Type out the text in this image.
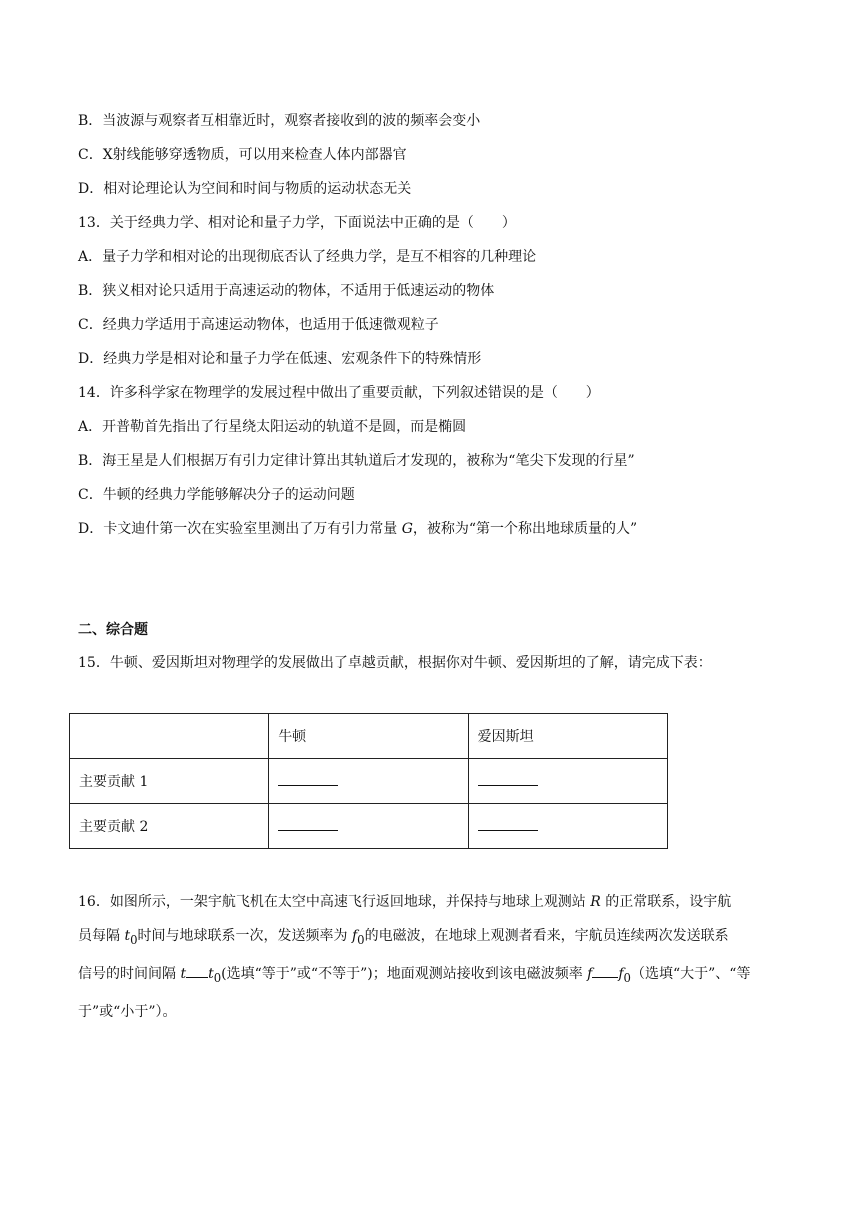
B．当波源与观察者互相靠近时，观察者接收到的波的频率会变小
C．X射线能够穿透物质，可以用来检查人体内部器官
D．相对论理论认为空间和时间与物质的运动状态无关
13．关于经典力学、相对论和量子力学，下面说法中正确的是（　　）
A．量子力学和相对论的出现彻底否认了经典力学，是互不相容的几种理论
B．狭义相对论只适用于高速运动的物体，不适用于低速运动的物体
C．经典力学适用于高速运动物体，也适用于低速微观粒子
D．经典力学是相对论和量子力学在低速、宏观条件下的特殊情形
14．许多科学家在物理学的发展过程中做出了重要贡献，下列叙述错误的是（　　）
A．开普勒首先指出了行星绕太阳运动的轨道不是圆，而是椭圆
B．海王星是人们根据万有引力定律计算出其轨道后才发现的，被称为“笔尖下发现的行星”
C．牛顿的经典力学能够解决分子的运动问题
D．卡文迪什第一次在实验室里测出了万有引力常量 G，被称为“第一个称出地球质量的人”
二、综合题
15．牛顿、爱因斯坦对物理学的发展做出了卓越贡献，根据你对牛顿、爱因斯坦的了解，请完成下表：
	牛顿	爱因斯坦
主要贡献 1		
主要贡献 2		
16．如图所示，一架宇航飞机在太空中高速飞行返回地球，并保持与地球上观测站 R 的正常联系，设宇航
员每隔 $t_0$时间与地球联系一次，发送频率为 $f_0$的电磁波，在地球上观测者看来，宇航员连续两次发送联系
信号的时间间隔 t $t_0$(选填“等于”或“不等于”)；地面观测站接收到该电磁波频率 f $f_0$（选填“大于”、“等
于”或“小于”）。
